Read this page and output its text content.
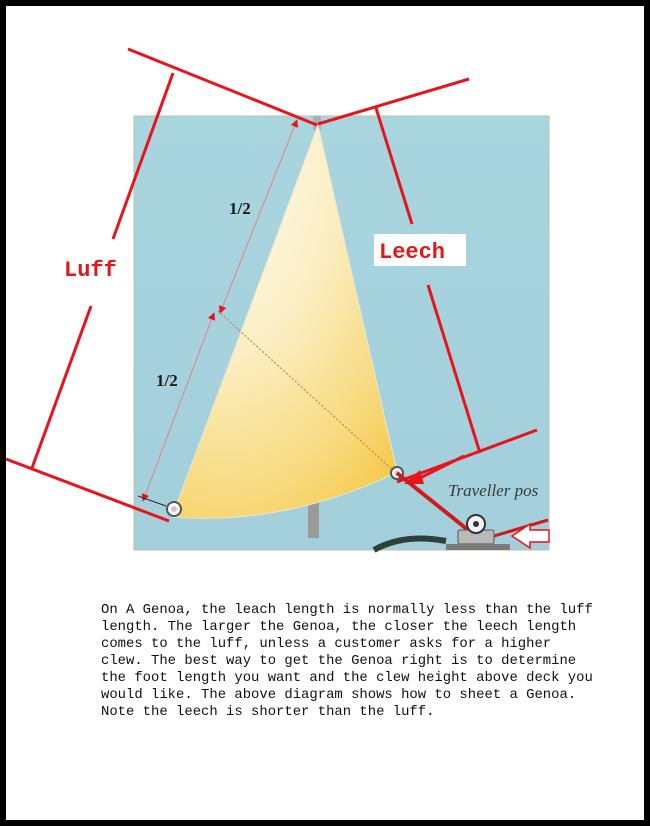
Luff
Leech
1/2
1/2
Traveller pos

On A Genoa, the leach length is normally less than the luff length. The larger the Genoa, the closer the leech length comes to the luff, unless a customer asks for a higher clew. The best way to get the Genoa right is to determine the foot length you want and the clew height above deck you would like. The above diagram shows how to sheet a Genoa. Note the leech is shorter than the luff.
